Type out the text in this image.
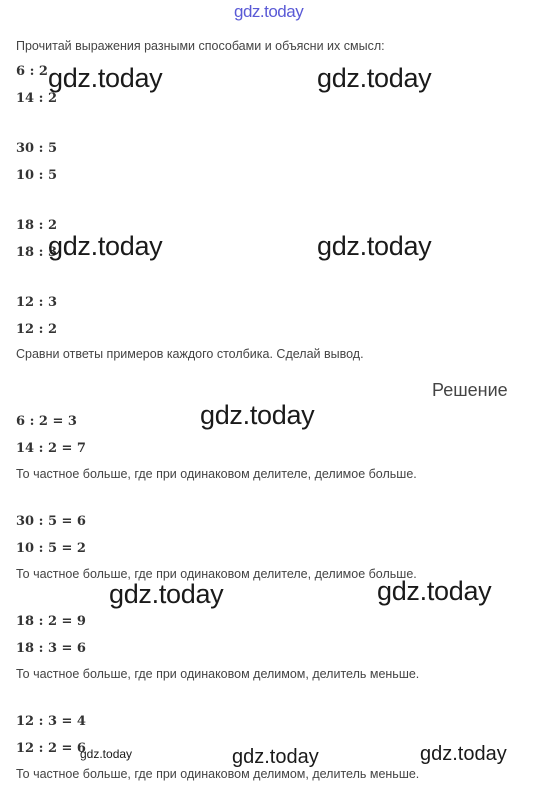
gdz.today
Прочитай выражения разными способами и объясни их смысл:
6 : 2
14 : 2
30 : 5
10 : 5
18 : 2
18 : 3
12 : 3
12 : 2
Сравни ответы примеров каждого столбика. Сделай вывод.
Решение
6 : 2 = 3
14 : 2 = 7
То частное больше, где при одинаковом делителе, делимое больше.
30 : 5 = 6
10 : 5 = 2
То частное больше, где при одинаковом делителе, делимое больше.
18 : 2 = 9
18 : 3 = 6
То частное больше, где при одинаковом делимом, делитель меньше.
12 : 3 = 4
12 : 2 = 6
То частное больше, где при одинаковом делимом, делитель меньше.
gdz.today	gdz.today
gdz.today	gdz.today
gdz.today
gdz.today	gdz.today
gdz.today	gdz.today	gdz.today
